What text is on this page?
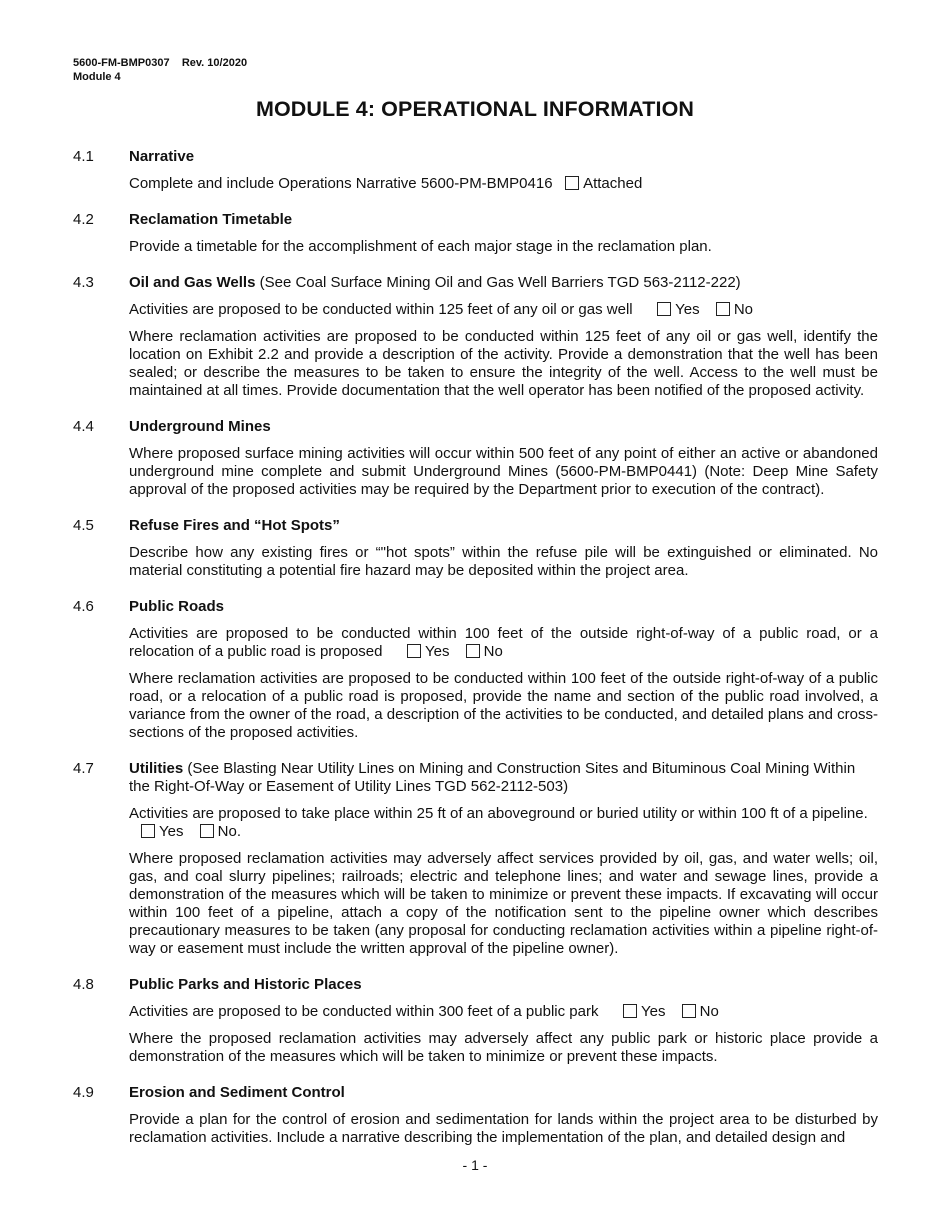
5600-FM-BMP0307    Rev. 10/2020
Module 4
MODULE 4: OPERATIONAL INFORMATION
4.1 Narrative

Complete and include Operations Narrative 5600-PM-BMP0416 Attached

4.2 Reclamation Timetable

Provide a timetable for the accomplishment of each major stage in the reclamation plan.

4.3 Oil and Gas Wells (See Coal Surface Mining Oil and Gas Well Barriers TGD 563-2112-222)

Activities are proposed to be conducted within 125 feet of any oil or gas well	Yes No

Where reclamation activities are proposed to be conducted within 125 feet of any oil or gas well, identify the location on Exhibit 2.2 and provide a description of the activity. Provide a demonstration that the well has been sealed; or describe the measures to be taken to ensure the integrity of the well. Access to the well must be maintained at all times. Provide documentation that the well operator has been notified of the proposed activity.

4.4 Underground Mines

Where proposed surface mining activities will occur within 500 feet of any point of either an active or abandoned underground mine complete and submit Underground Mines (5600-PM-BMP0441) (Note: Deep Mine Safety approval of the proposed activities may be required by the Department prior to execution of the contract).

4.5 Refuse Fires and “Hot Spots”

Describe how any existing fires or “"hot spots” within the refuse pile will be extinguished or eliminated. No material constituting a potential fire hazard may be deposited within the project area.

4.6 Public Roads

Activities are proposed to be conducted within 100 feet of the outside right-of-way of a public road, or a relocation of a public road is proposed	Yes No

Where reclamation activities are proposed to be conducted within 100 feet of the outside right-of-way of a public road, or a relocation of a public road is proposed, provide the name and section of the public road involved, a variance from the owner of the road, a description of the activities to be conducted, and detailed plans and cross-sections of the proposed activities.

4.7 Utilities (See Blasting Near Utility Lines on Mining and Construction Sites and Bituminous Coal Mining Within the Right-Of-Way or Easement of Utility Lines TGD 562-2112-503)

Activities are proposed to take place within 25 ft of an aboveground or buried utility or within 100 ft of a pipeline.
Yes No.

Where proposed reclamation activities may adversely affect services provided by oil, gas, and water wells; oil, gas, and coal slurry pipelines; railroads; electric and telephone lines; and water and sewage lines, provide a demonstration of the measures which will be taken to minimize or prevent these impacts. If excavating will occur within 100 feet of a pipeline, attach a copy of the notification sent to the pipeline owner which describes precautionary measures to be taken (any proposal for conducting reclamation activities within a pipeline right-of-way or easement must include the written approval of the pipeline owner).

4.8 Public Parks and Historic Places

Activities are proposed to be conducted within 300 feet of a public park	Yes No

Where the proposed reclamation activities may adversely affect any public park or historic place provide a demonstration of the measures which will be taken to minimize or prevent these impacts.

4.9 Erosion and Sediment Control

Provide a plan for the control of erosion and sedimentation for lands within the project area to be disturbed by reclamation activities. Include a narrative describing the implementation of the plan, and detailed design and

- 1 -
